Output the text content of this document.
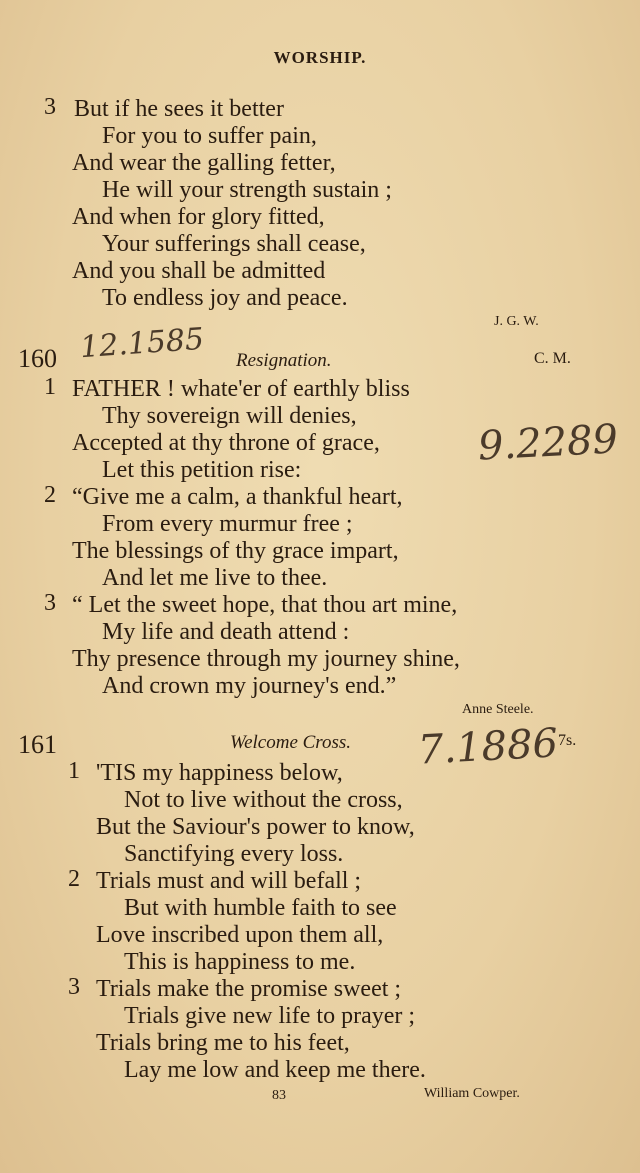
WORSHIP.
3 But if he sees it better
For you to suffer pain,
And wear the galling fetter,
He will your strength sustain ;
And when for glory fitted,
Your sufferings shall cease,
And you shall be admitted
To endless joy and peace.
J. G. W.
160 12.1585 Resignation.	C. M.
1 FATHER ! whate'er of earthly bliss
Thy sovereign will denies,
Accepted at thy throne of grace,
Let this petition rise:
9.2289
2 “Give me a calm, a thankful heart,
From every murmur free ;
The blessings of thy grace impart,
And let me live to thee.
3 “ Let the sweet hope, that thou art mine,
My life and death attend :
Thy presence through my journey shine,
And crown my journey's end.”
Anne Steele.
161	Welcome Cross. 7.1886
7s.
1 'TIS my happiness below,
Not to live without the cross,
But the Saviour's power to know,
Sanctifying every loss.
2 Trials must and will befall ;
But with humble faith to see
Love inscribed upon them all,
This is happiness to me.
3 Trials make the promise sweet ;
Trials give new life to prayer ;
Trials bring me to his feet,
Lay me low and keep me there.
83	William Cowper.
